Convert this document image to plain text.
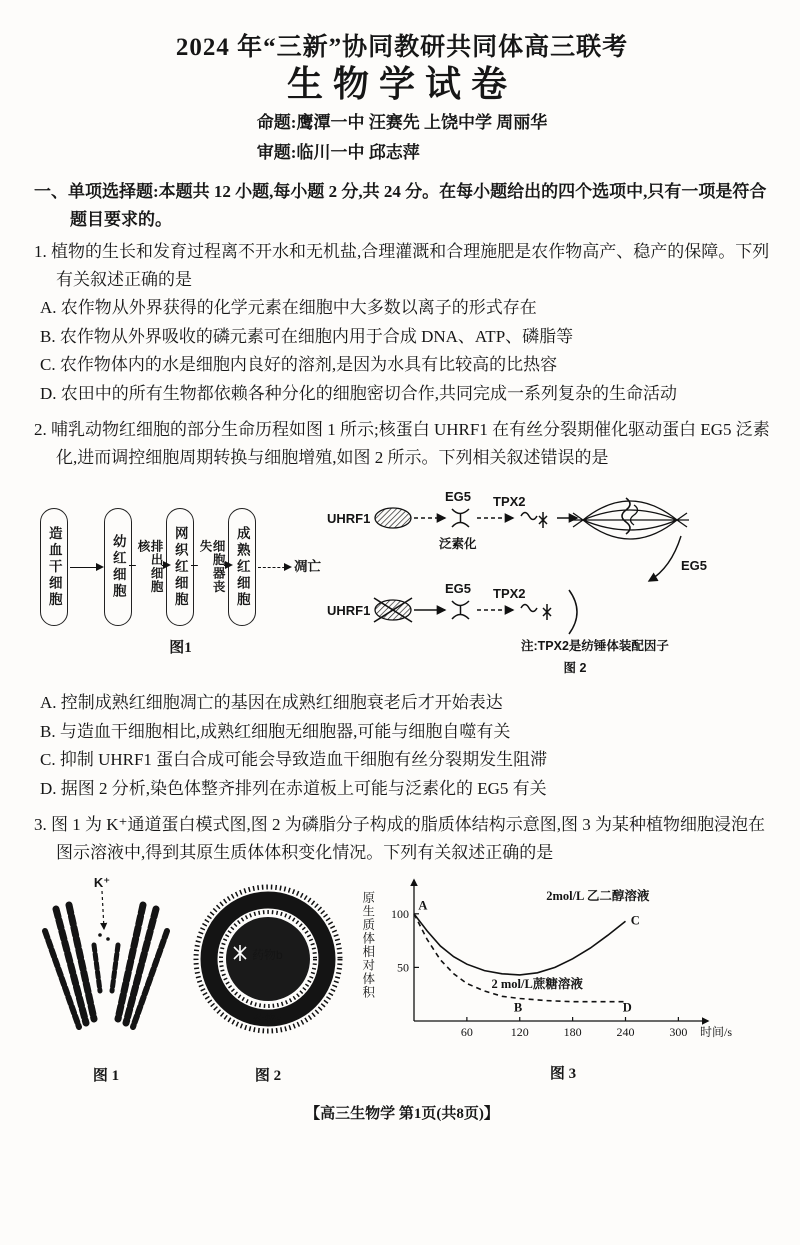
2024 年“三新”协同教研共同体高三联考
生物学试卷
命题:鹰潭一中 汪赛先 上饶中学 周丽华
审题:临川一中 邱志萍
一、单项选择题:本题共 12 小题,每小题 2 分,共 24 分。在每小题给出的四个选项中,只有一项是符合题目要求的。
1. 植物的生长和发育过程离不开水和无机盐,合理灌溉和合理施肥是农作物高产、稳产的保障。下列有关叙述正确的是
A. 农作物从外界获得的化学元素在细胞中大多数以离子的形式存在
B. 农作物从外界吸收的磷元素可在细胞内用于合成 DNA、ATP、磷脂等
C. 农作物体内的水是细胞内良好的溶剂,是因为水具有比较高的比热容
D. 农田中的所有生物都依赖各种分化的细胞密切合作,共同完成一系列复杂的生命活动
2. 哺乳动物红细胞的部分生命历程如图 1 所示;核蛋白 UHRF1 在有丝分裂期催化驱动蛋白 EG5 泛素化,进而调控细胞周期转换与细胞增殖,如图 2 所示。下列相关叙述错误的是
造血干细胞	幼红细胞	排出细胞核	网织红细胞	细胞器丧失	成熟红细胞	凋亡
图1
UHRF1
EG5
泛素化
TPX2
EG5
UHRF1
EG5 TPX2
注:TPX2是纺锤体装配因子
图 2
A. 控制成熟红细胞凋亡的基因在成熟红细胞衰老后才开始表达
B. 与造血干细胞相比,成熟红细胞无细胞器,可能与细胞自噬有关
C. 抑制 UHRF1 蛋白合成可能会导致造血干细胞有丝分裂期发生阻滞
D. 据图 2 分析,染色体整齐排列在赤道板上可能与泛素化的 EG5 有关
3. 图 1 为 K⁺通道蛋白模式图,图 2 为磷脂分子构成的脂质体结构示意图,图 3 为某种植物细胞浸泡在图示溶液中,得到其原生质体体积变化情况。下列有关叙述正确的是
K⁺
图 1
药物b
药物a
图 2
原生质体相对体积
60	120	180	240	300
50
100
时间/s
A
B
C
D
2mol/L 乙二醇溶液
2 mol/L蔗糖溶液
图 3
【高三生物学 第1页(共8页)】
